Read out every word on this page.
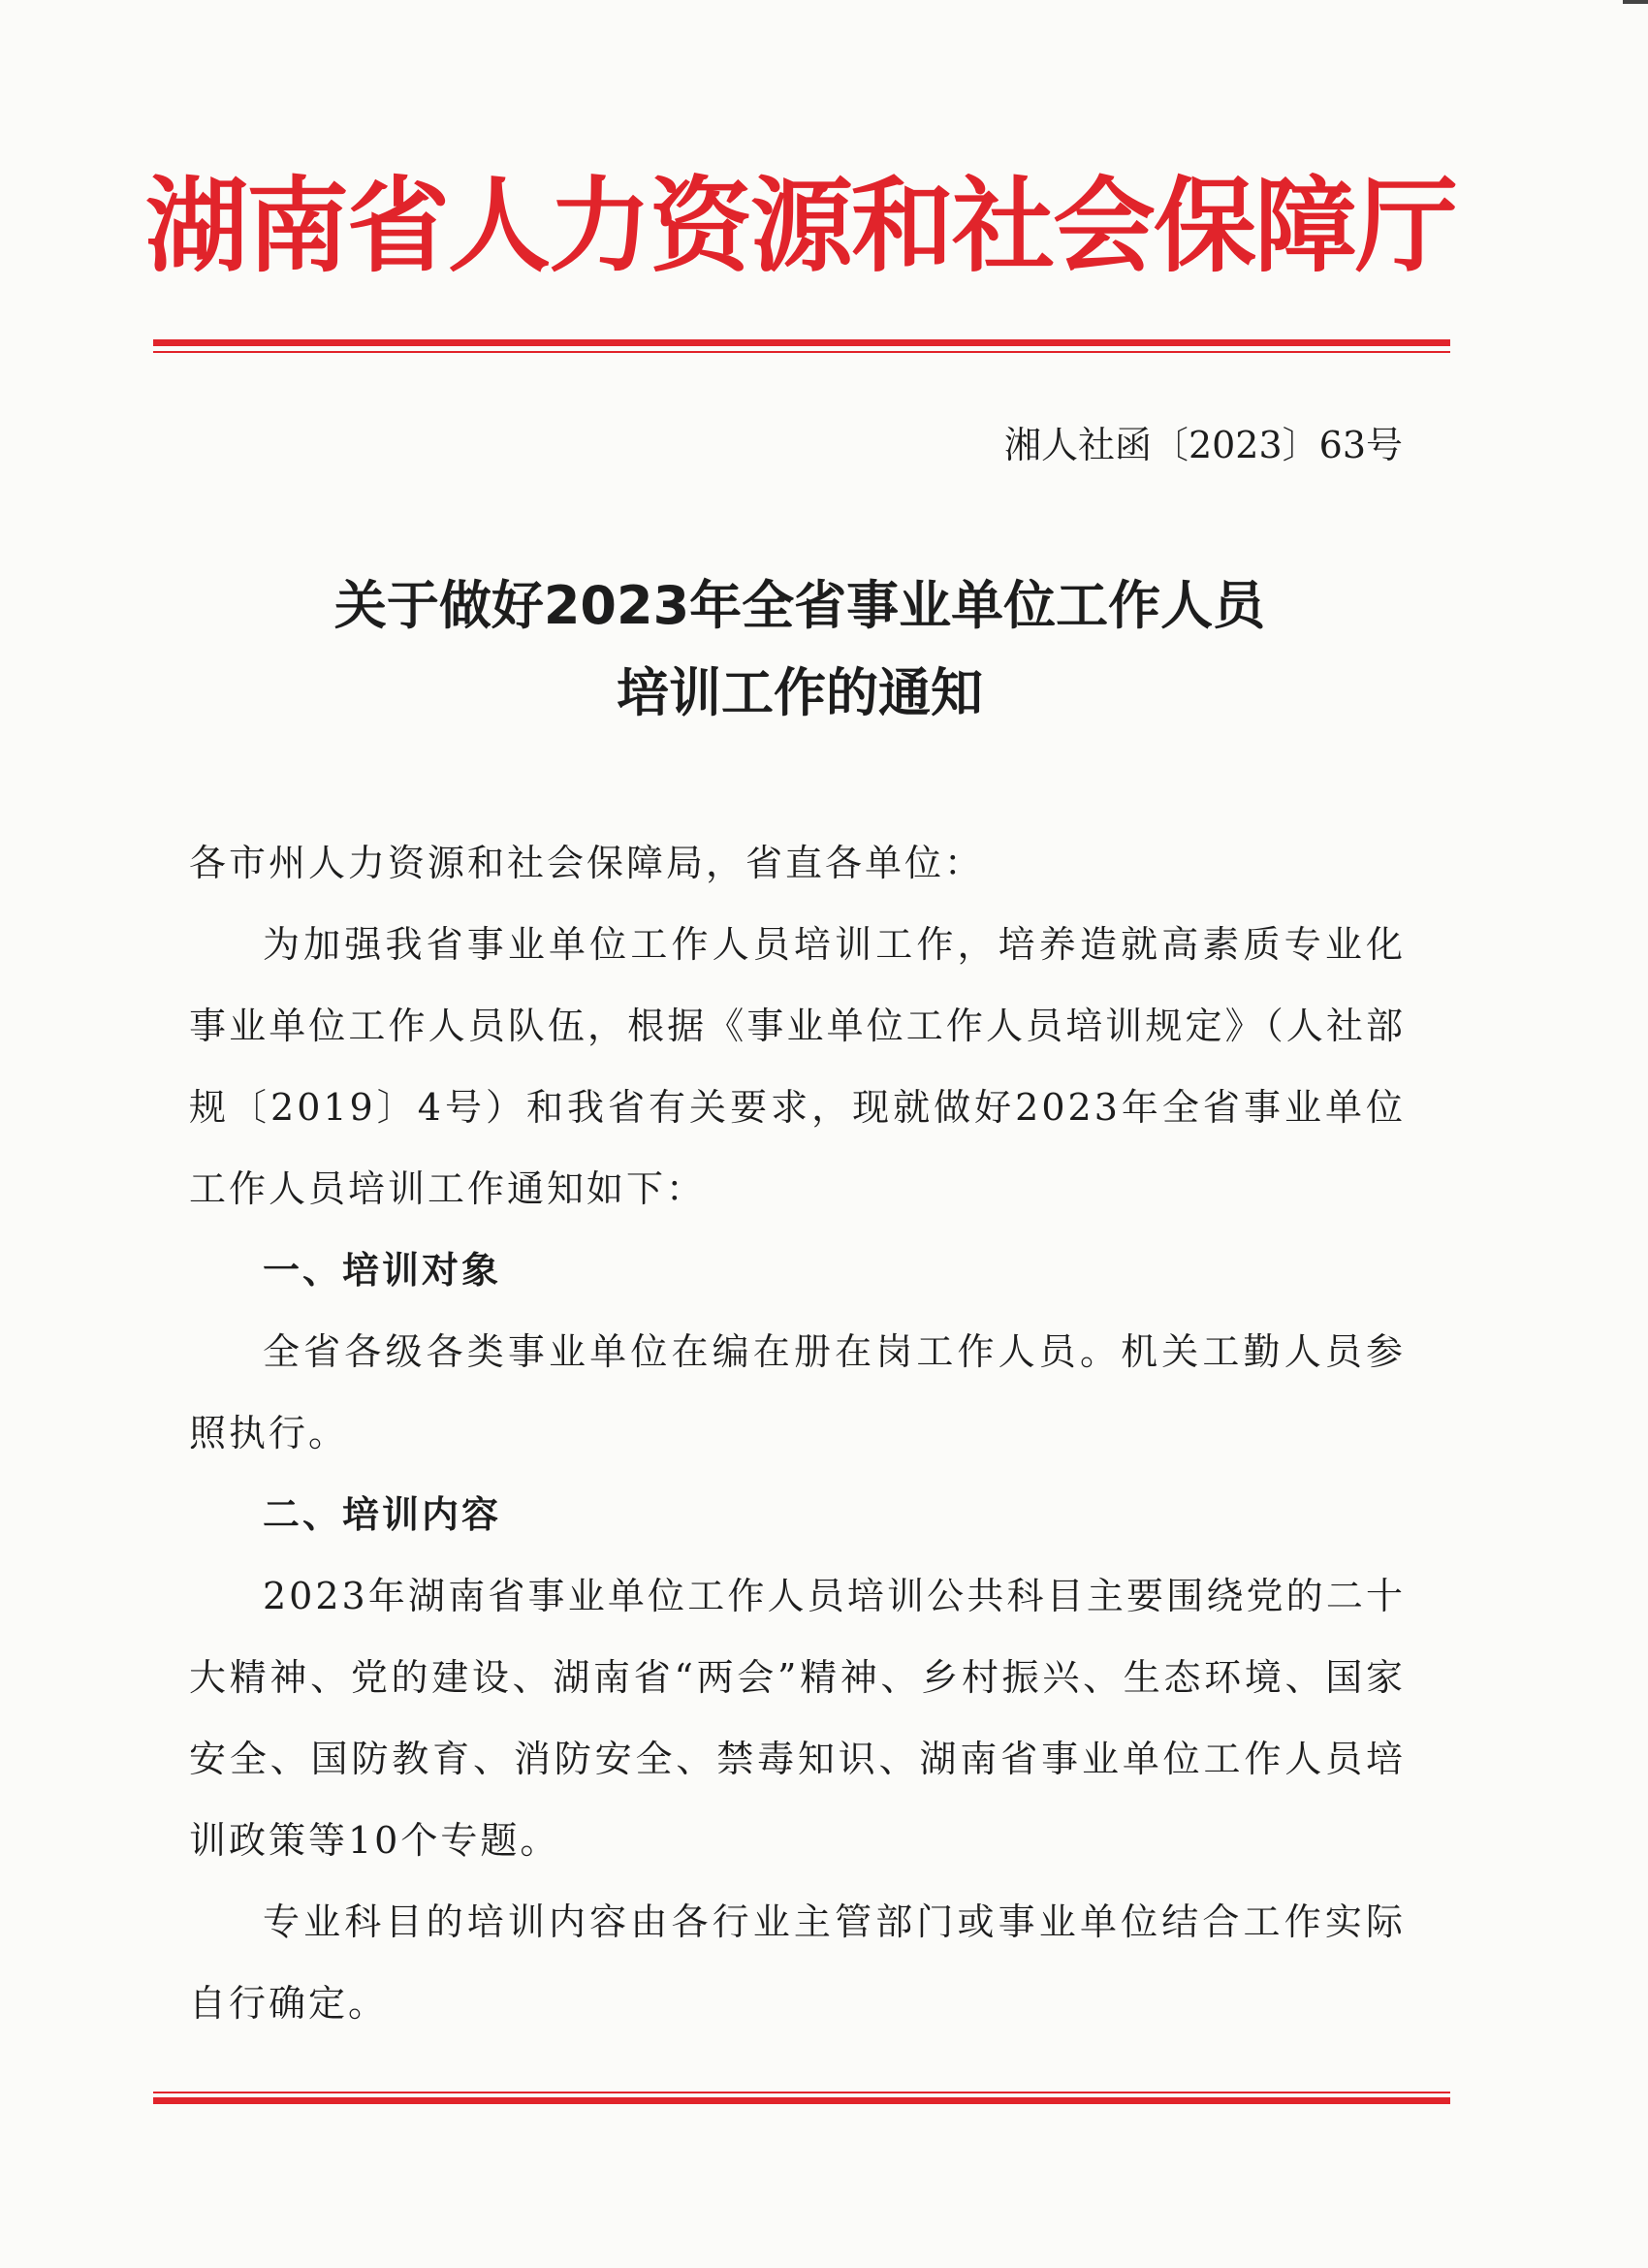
湖南省人力资源和社会保障厅
湘人社函〔2023〕63号
关于做好2023年全省事业单位工作人员
培训工作的通知

各市州人力资源和社会保障局，省直各单位：

为加强我省事业单位工作人员培训工作，培养造就高素质专业化事业单位工作人员队伍，根据《事业单位工作人员培训规定》（人社部规〔2019〕4号）和我省有关要求，现就做好2023年全省事业单位工作人员培训工作通知如下：

一、培训对象

全省各级各类事业单位在编在册在岗工作人员。机关工勤人员参照执行。

二、培训内容

2023年湖南省事业单位工作人员培训公共科目主要围绕党的二十大精神、党的建设、湖南省“两会”精神、乡村振兴、生态环境、国家安全、国防教育、消防安全、禁毒知识、湖南省事业单位工作人员培训政策等10个专题。

专业科目的培训内容由各行业主管部门或事业单位结合工作实际自行确定。
